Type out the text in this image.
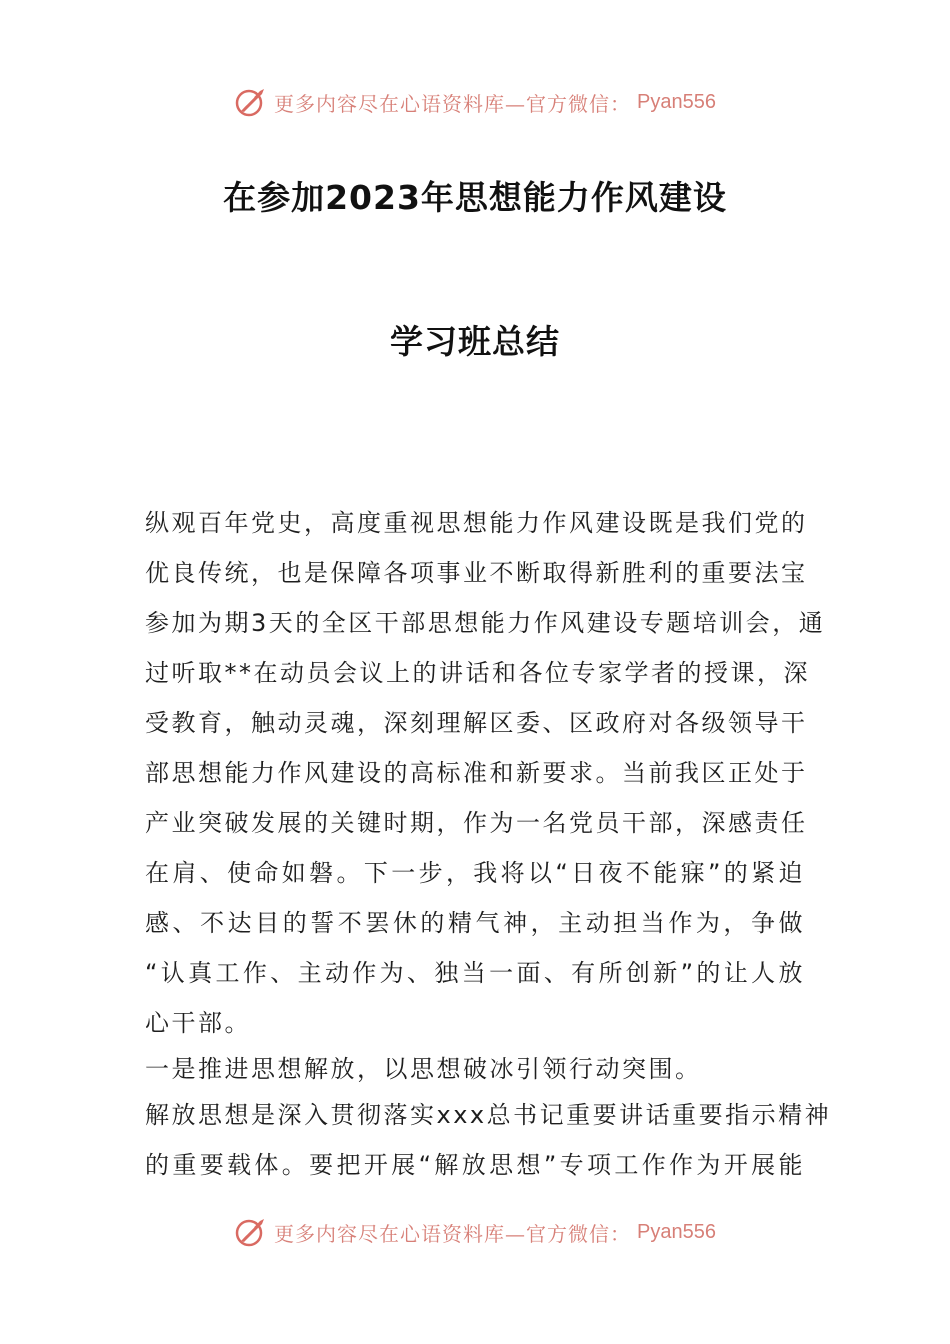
更多内容尽在心语资料库—官方微信： Pyan556
在参加2023年思想能力作风建设
学习班总结
纵观百年党史，高度重视思想能力作风建设既是我们党的
优良传统，也是保障各项事业不断取得新胜利的重要法宝
参加为期3天的全区干部思想能力作风建设专题培训会，通
过听取**在动员会议上的讲话和各位专家学者的授课，深
受教育，触动灵魂，深刻理解区委、区政府对各级领导干
部思想能力作风建设的高标准和新要求。当前我区正处于
产业突破发展的关键时期，作为一名党员干部，深感责任
在肩、使命如磐。下一步，我将以“日夜不能寐”的紧迫
感、不达目的誓不罢休的精气神，主动担当作为，争做
“认真工作、主动作为、独当一面、有所创新”的让人放
心干部。
一是推进思想解放，以思想破冰引领行动突围。
解放思想是深入贯彻落实xxx总书记重要讲话重要指示精神
的重要载体。要把开展“解放思想”专项工作作为开展能
更多内容尽在心语资料库—官方微信： Pyan556
